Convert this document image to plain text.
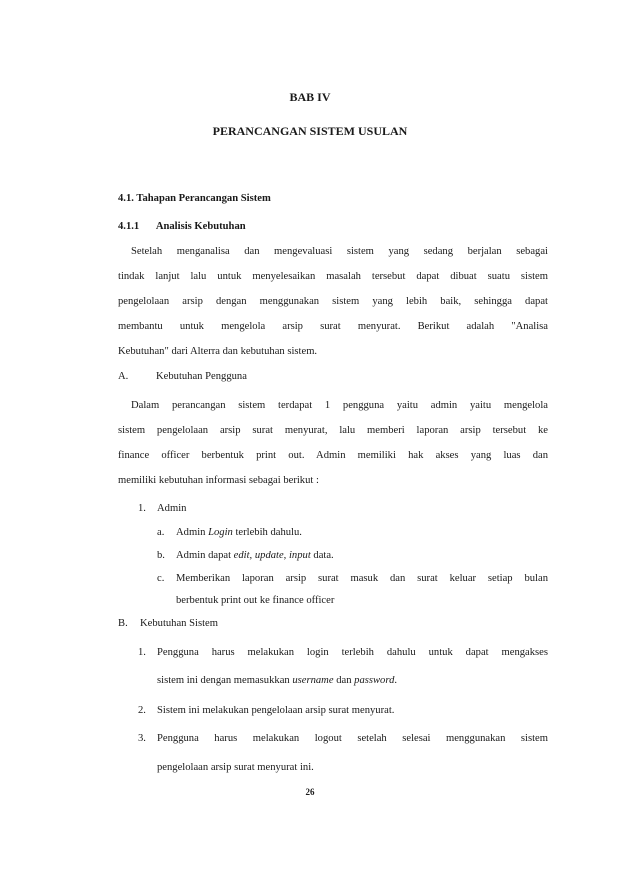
BAB IV
PERANCANGAN SISTEM USULAN
4.1. Tahapan Perancangan Sistem
4.1.1 Analisis Kebutuhan
Setelah menganalisa dan mengevaluasi sistem yang sedang berjalan sebagai
tindak lanjut lalu untuk menyelesaikan masalah tersebut dapat dibuat suatu sistem
pengelolaan arsip dengan menggunakan sistem yang lebih baik, sehingga dapat
membantu untuk mengelola arsip surat menyurat. Berikut adalah "Analisa
Kebutuhan" dari Alterra dan kebutuhan sistem.
A.	Kebutuhan Pengguna
Dalam perancangan sistem terdapat 1 pengguna yaitu admin yaitu mengelola
sistem pengelolaan arsip surat menyurat, lalu memberi laporan arsip tersebut ke
finance officer berbentuk print out. Admin memiliki hak akses yang luas dan
memiliki kebutuhan informasi sebagai berikut :
1. Admin
a. Admin Login terlebih dahulu.
b. Admin dapat edit, update, input data.
c. Memberikan laporan arsip surat masuk dan surat keluar setiap bulan
berbentuk print out ke finance officer
B. Kebutuhan Sistem
1. Pengguna harus melakukan login terlebih dahulu untuk dapat mengakses
sistem ini dengan memasukkan username dan password.
2. Sistem ini melakukan pengelolaan arsip surat menyurat.
3. Pengguna harus melakukan logout setelah selesai menggunakan sistem
pengelolaan arsip surat menyurat ini.
26
